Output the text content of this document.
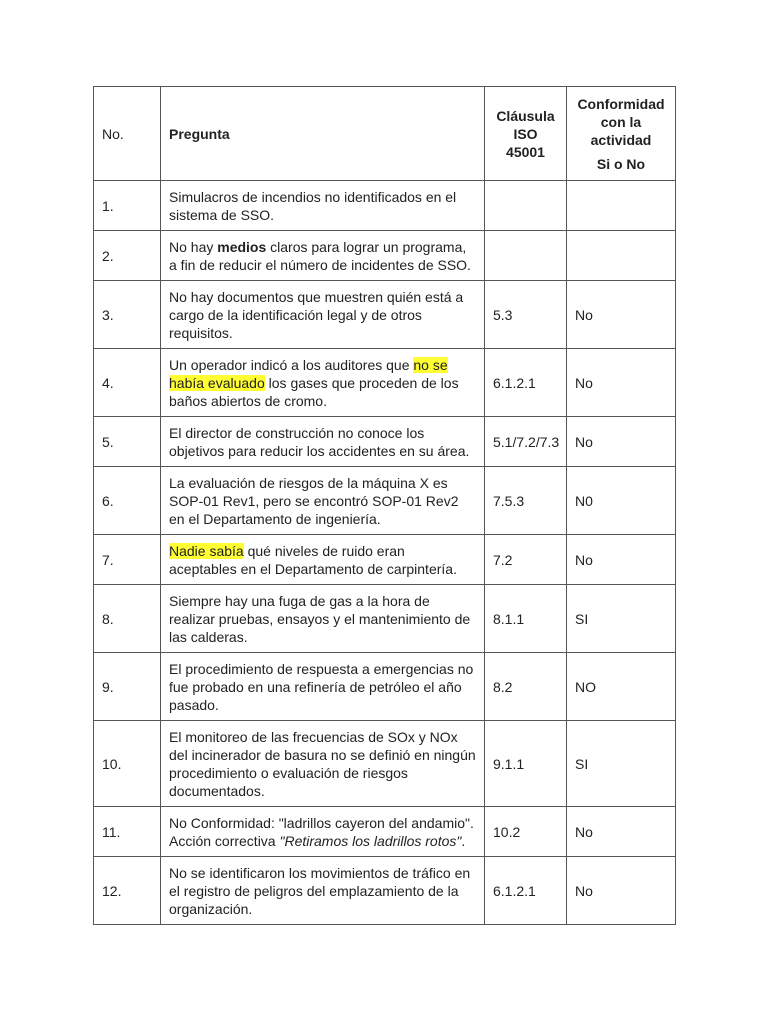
No.	Pregunta	Cláusula ISO 45001	Conformidad con la actividad
Si o No

1.	Simulacros de incendios no identificados en el sistema de SSO.		
2.	No hay medios claros para lograr un programa, a fin de reducir el número de incidentes de SSO.		
3.	No hay documentos que muestren quién está a cargo de la identificación legal y de otros requisitos.	5.3	No
4.	Un operador indicó a los auditores que no se había evaluado los gases que proceden de los baños abiertos de cromo.	6.1.2.1	No
5.	El director de construcción no conoce los objetivos para reducir los accidentes en su área.	5.1/7.2/7.3	No
6.	La evaluación de riesgos de la máquina X es SOP-01 Rev1, pero se encontró SOP-01 Rev2 en el Departamento de ingeniería.	7.5.3	N0
7.	Nadie sabía qué niveles de ruido eran aceptables en el Departamento de carpintería.	7.2	No
8.	Siempre hay una fuga de gas a la hora de realizar pruebas, ensayos y el mantenimiento de las calderas.	8.1.1	SI
9.	El procedimiento de respuesta a emergencias no fue probado en una refinería de petróleo el año pasado.	8.2	NO
10.	El monitoreo de las frecuencias de SOx y NOx del incinerador de basura no se definió en ningún procedimiento o evaluación de riesgos documentados.	9.1.1	SI
11.	No Conformidad: "ladrillos cayeron del andamio". Acción correctiva "Retiramos los ladrillos rotos".	10.2	No
12.	No se identificaron los movimientos de tráfico en el registro de peligros del emplazamiento de la organización.	6.1.2.1	No
